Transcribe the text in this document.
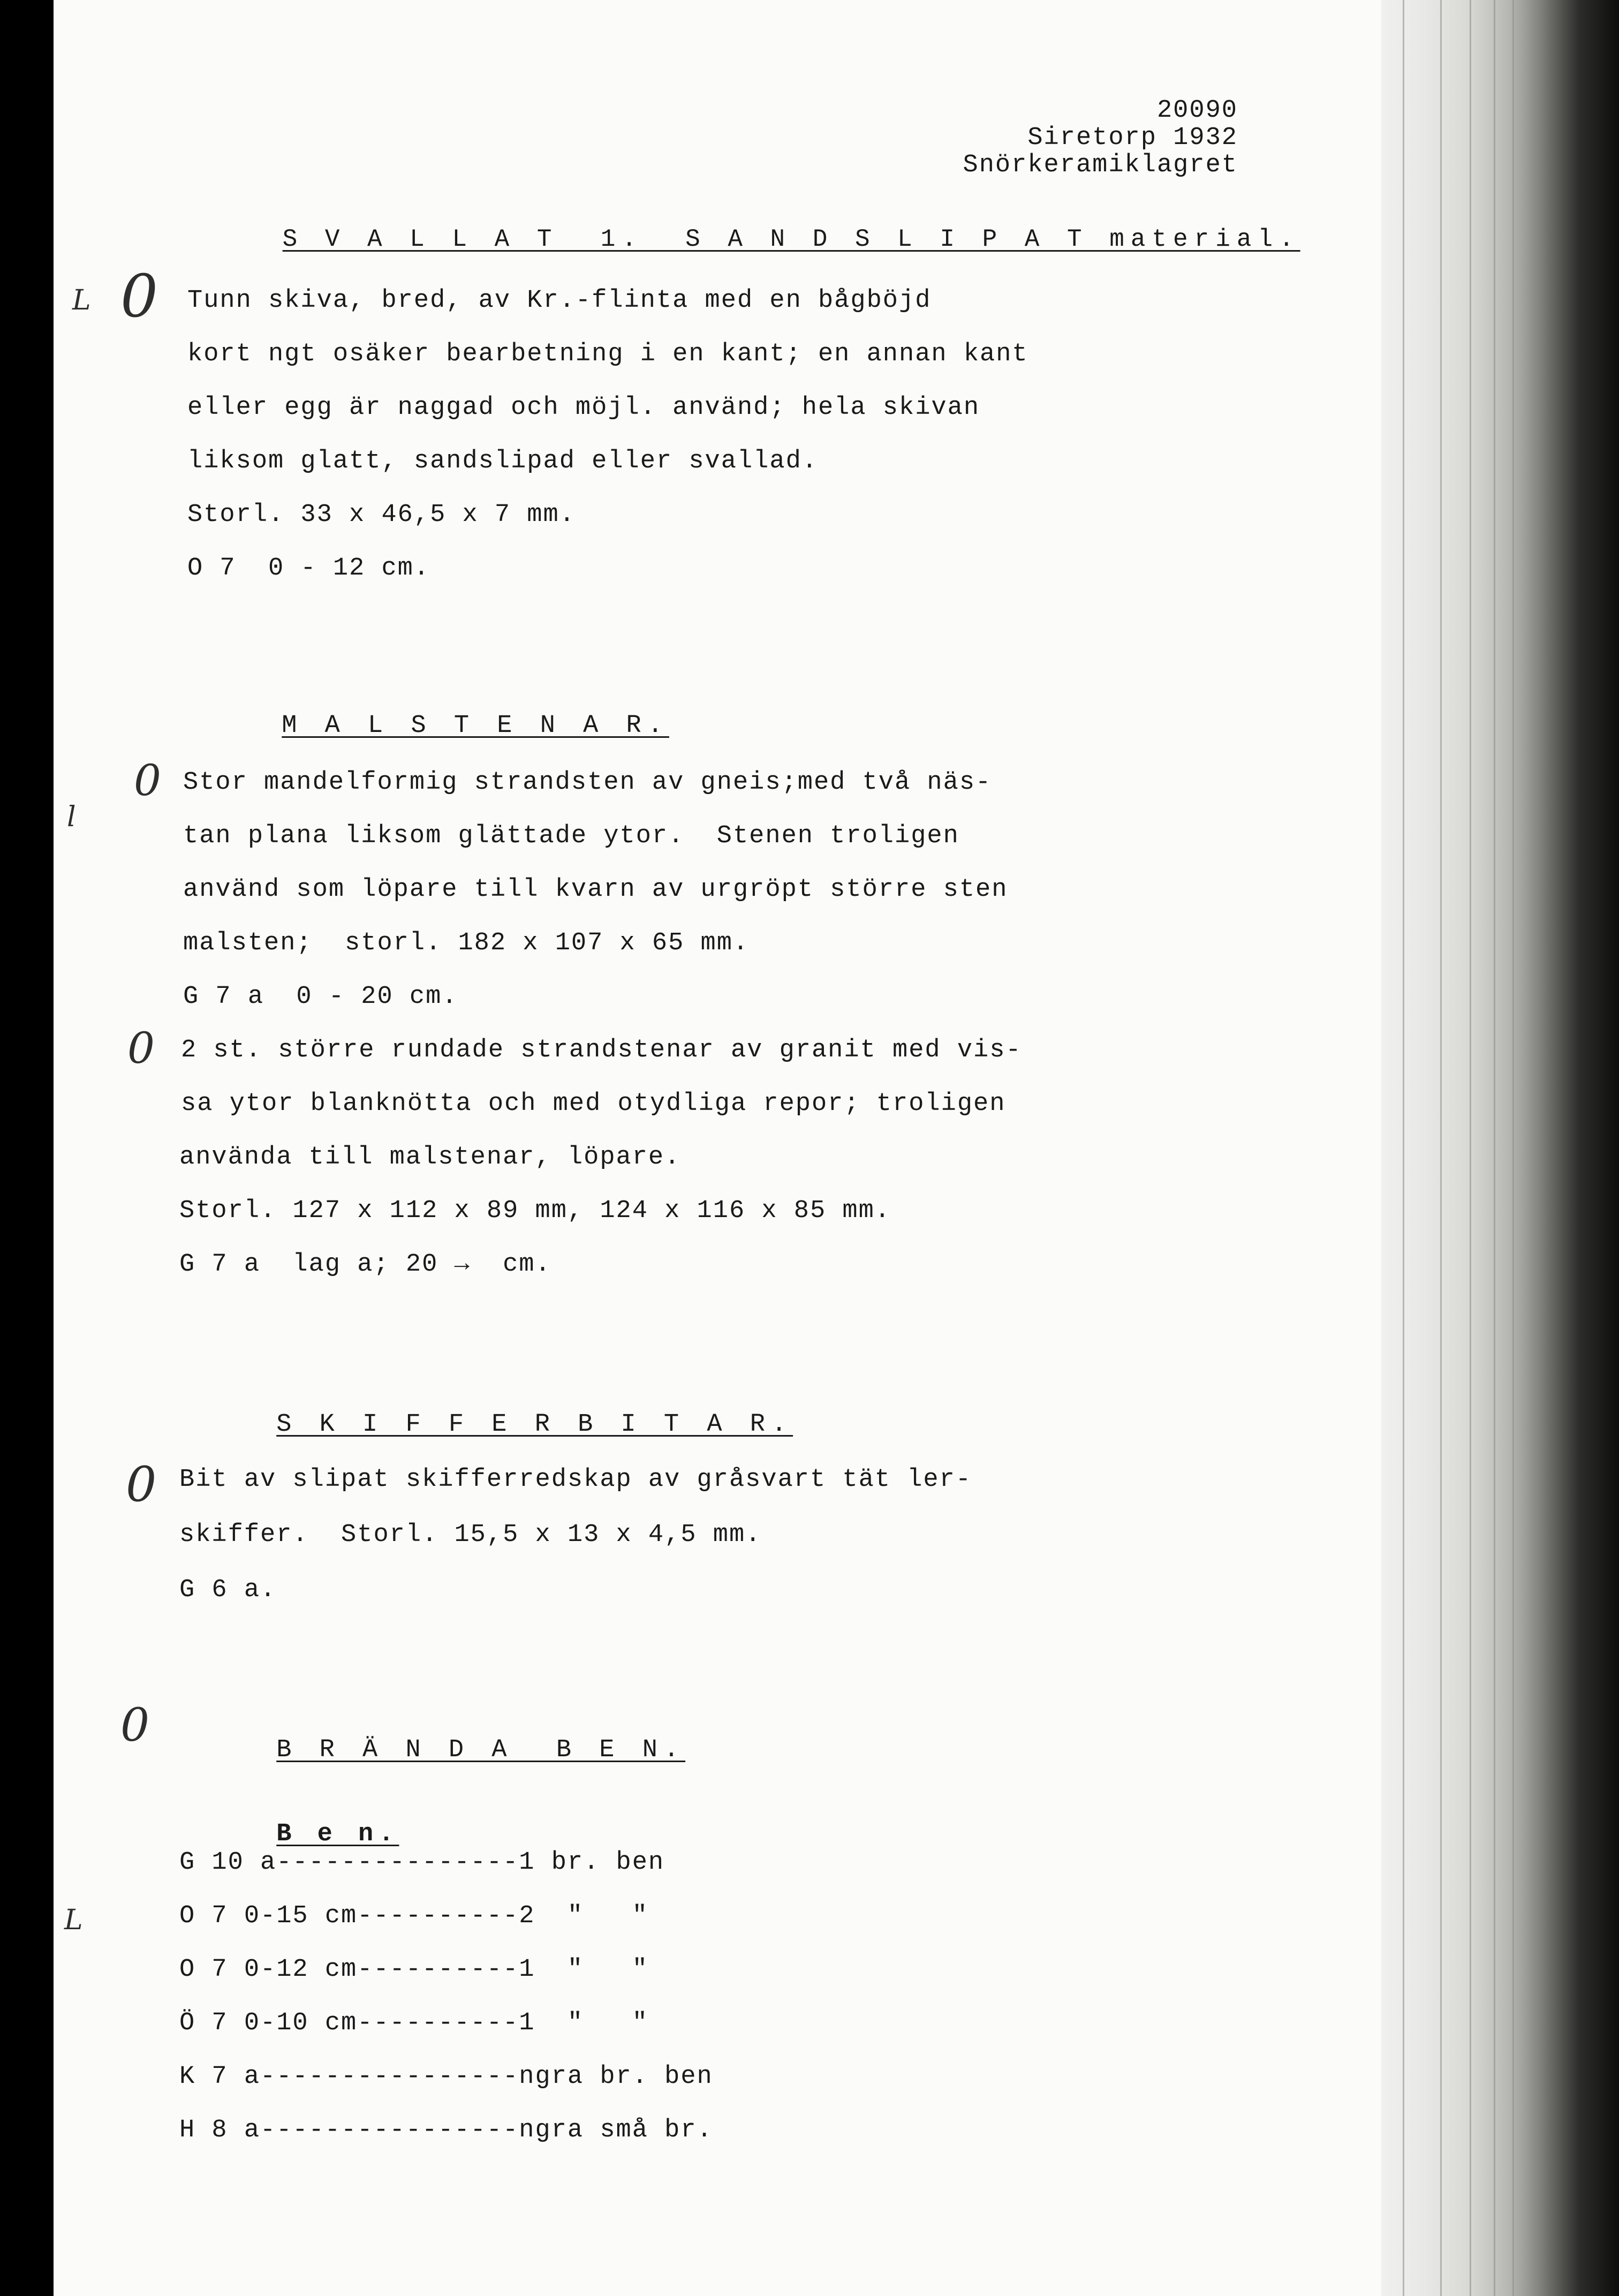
20090
Siretorp 1932
Snörkeramiklagret

S V A L L A T  1.  S A N D S L I P A T material.

0
L	Tunn skiva, bred, av Kr.-flinta med en bågböjd
kort ngt osäker bearbetning i en kant; en annan kant
eller egg är naggad och möjl. använd; hela skivan
liksom glatt, sandslipad eller svallad.
Storl. 33 x 46,5 x 7 mm.
O 7  0 - 12 cm.

M A L S T E N A R.

0
l
Stor mandelformig strandsten av gneis;med två näs-
tan plana liksom glättade ytor.  Stenen troligen
använd som löpare till kvarn av urgröpt större sten
malsten;  storl. 182 x 107 x 65 mm.
G 7 a  0 - 20 cm.
0 2 st. större rundade strandstenar av granit med vis-
sa ytor blanknötta och med otydliga repor; troligen
använda till malstenar, löpare.
Storl. 127 x 112 x 89 mm, 124 x 116 x 85 mm.
G 7 a  lag a; 20 →  cm.

S K I F F E R B I T A R.

0 Bit av slipat skifferredskap av gråsvart tät ler-
skiffer.  Storl. 15,5 x 13 x 4,5 mm.
G 6 a.
0	B R Ä N D A  B E N.

L

B e n.

G 10 a---------------1 br. ben
O 7 0-15 cm----------2  "   "
O 7 0-12 cm----------1  "   "
Ö 7 0-10 cm----------1  "   "
K 7 a----------------ngra br. ben
H 8 a----------------ngra små br.
